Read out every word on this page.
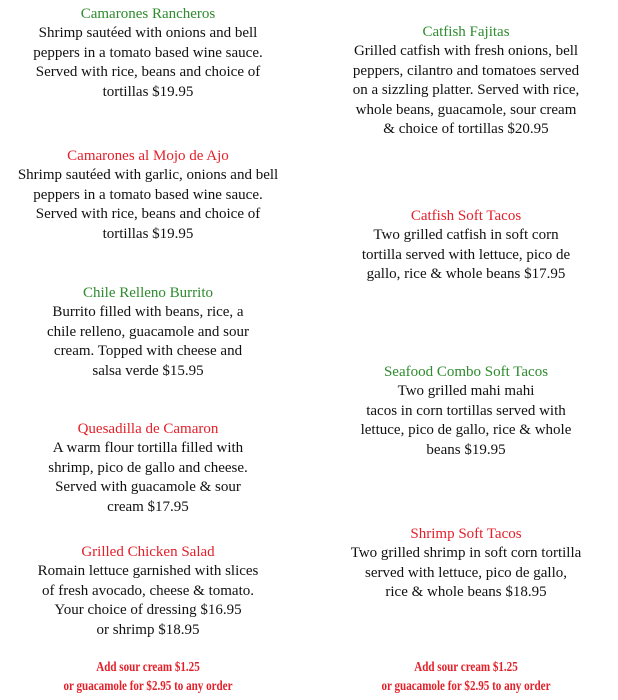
Camarones Rancheros
Shrimp sautéed with onions and bell
peppers in a tomato based wine sauce.
Served with rice, beans and choice of
tortillas $19.95
Camarones al Mojo de Ajo
Shrimp sautéed with garlic, onions and bell
peppers in a tomato based wine sauce.
Served with rice, beans and choice of
tortillas $19.95
Chile Relleno Burrito
Burrito filled with beans, rice, a
chile relleno, guacamole and sour
cream. Topped with cheese and
salsa verde $15.95
Quesadilla de Camaron
A warm flour tortilla filled with
shrimp, pico de gallo and cheese.
Served with guacamole & sour
cream $17.95
Grilled Chicken Salad
Romain lettuce garnished with slices
of fresh avocado, cheese & tomato.
Your choice of dressing $16.95
or shrimp $18.95
Catfish Fajitas
Grilled catfish with fresh onions, bell
peppers, cilantro and tomatoes served
on a sizzling platter. Served with rice,
whole beans, guacamole, sour cream
& choice of tortillas $20.95
Catfish Soft Tacos
Two grilled catfish in soft corn
tortilla served with lettuce, pico de
gallo, rice & whole beans $17.95
Seafood Combo Soft Tacos
Two grilled mahi mahi
tacos in corn tortillas served with
lettuce, pico de gallo, rice & whole
beans $19.95
Shrimp Soft Tacos
Two grilled shrimp in soft corn tortilla
served with lettuce, pico de gallo,
rice & whole beans $18.95
Add sour cream $1.25
or guacamole for $2.95 to any order
Add sour cream $1.25
or guacamole for $2.95 to any order
